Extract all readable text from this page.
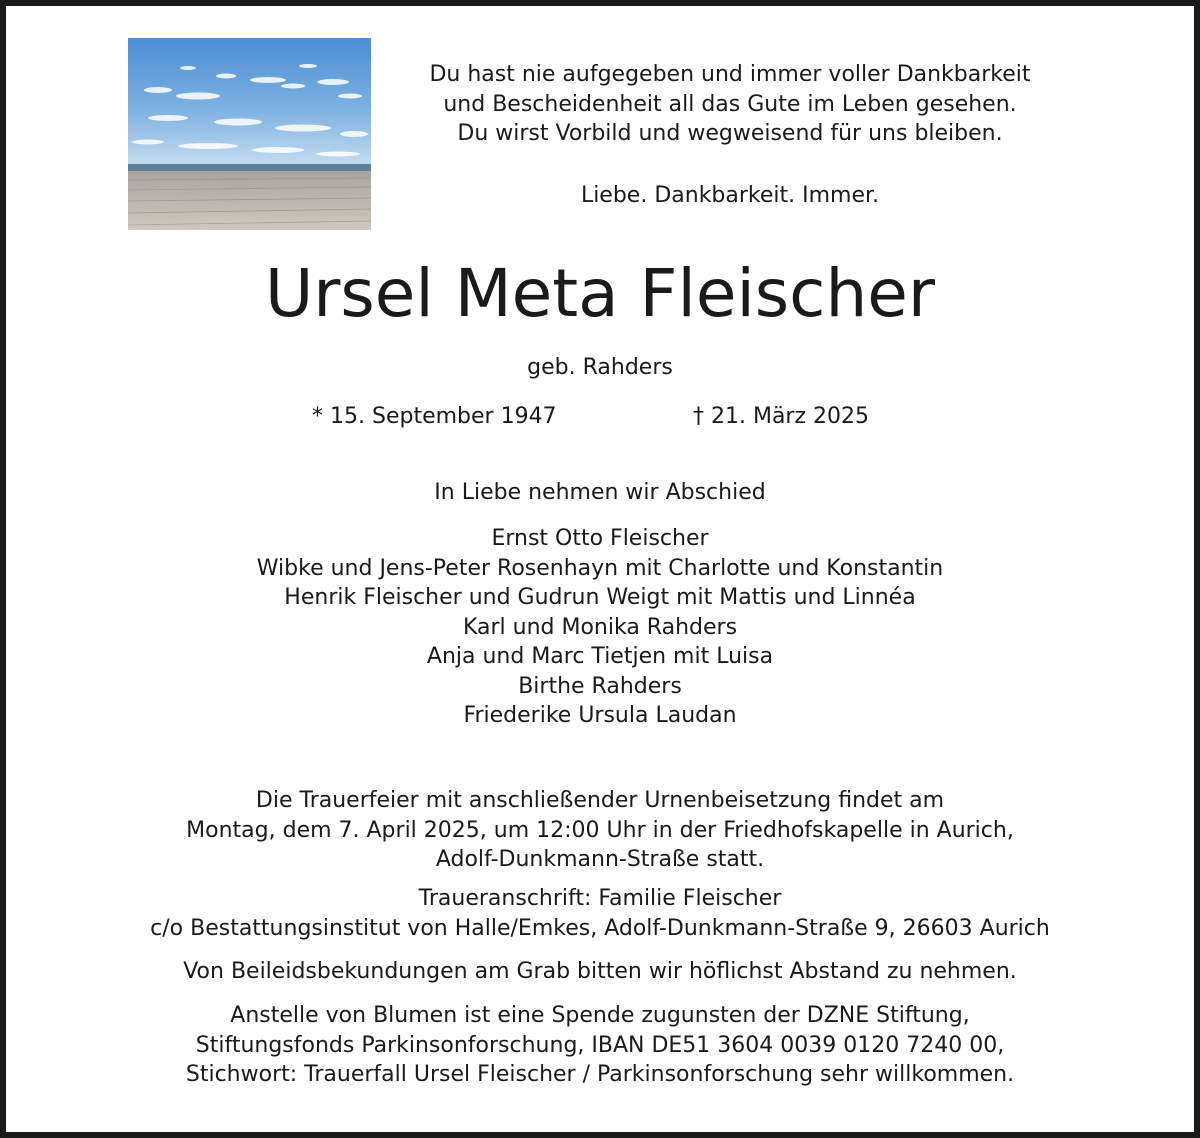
Du hast nie aufgegeben und immer voller Dankbarkeit
und Bescheidenheit all das Gute im Leben gesehen.
Du wirst Vorbild und wegweisend für uns bleiben.
Liebe. Dankbarkeit. Immer.
Ursel Meta Fleischer
geb. Rahders
* 15. September 1947	† 21. März 2025
In Liebe nehmen wir Abschied
Ernst Otto Fleischer
Wibke und Jens-Peter Rosenhayn mit Charlotte und Konstantin
Henrik Fleischer und Gudrun Weigt mit Mattis und Linnéa
Karl und Monika Rahders
Anja und Marc Tietjen mit Luisa
Birthe Rahders
Friederike Ursula Laudan
Die Trauerfeier mit anschließender Urnenbeisetzung findet am
Montag, dem 7. April 2025, um 12:00 Uhr in der Friedhofskapelle in Aurich,
Adolf-Dunkmann-Straße statt.
Traueranschrift: Familie Fleischer
c/o Bestattungsinstitut von Halle/Emkes, Adolf-Dunkmann-Straße 9, 26603 Aurich
Von Beileidsbekundungen am Grab bitten wir höflichst Abstand zu nehmen.
Anstelle von Blumen ist eine Spende zugunsten der DZNE Stiftung,
Stiftungsfonds Parkinsonforschung, IBAN DE51 3604 0039 0120 7240 00,
Stichwort: Trauerfall Ursel Fleischer / Parkinsonforschung sehr willkommen.
